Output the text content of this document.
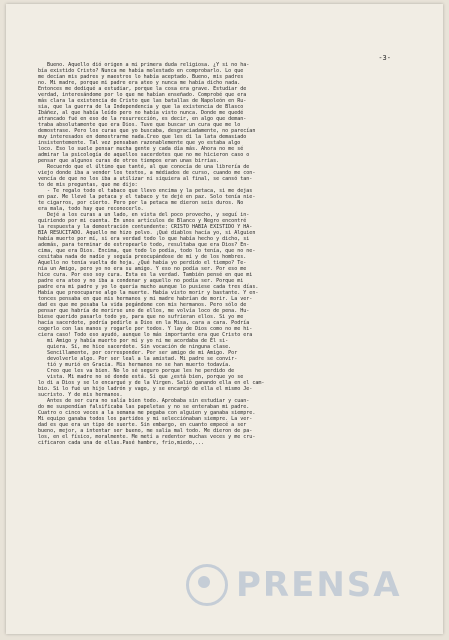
-3-
Bueno. Aquello dió origen a mi primera duda religiosa. ¿Y si no ha-
bía existido Cristo? Nunca me había molestado en comprobarlo. Lo que
me decían mis padres y maestros lo había aceptado. Bueno, mis padres
no. Mi madre, porque mi padre era ateo y nunca me había dicho nada.
Entonces me dediqué a estudiar, porque la cosa era grave. Estudiar de
verdad, interesándome por lo que me habían enseñado. Comprobé que era
más clara la existencia de Cristo que las batallas de Napoleón en Ru-
sia, que la guerra de la Independencia y que la existencia de Blasco
Ibáñez, al que había leído pero no había visto nunca. Donde me quedé
atrancado fué en eso de la resurrección, es decir, en algo que deman-
traba absolutamente que era Dios. Tuve que buscar un cura que me lo
demostrase. Pero los curas que yo buscaba, desgraciadamente, no parecían
muy interesados en demostrarme nada.Creo que les di la lata demasiado
insistentemente. Tal vez pensaban razonablemente que yo estaba algo
loco. Eso lo suele pensar mucha gente y cada día más. Ahora no me sé
admirar la psicología de aquellos sacerdotes que no me hicieron caso o
pensar que algunos curas de otros tiempos eran unas birrias.
Recuerdo que el último que tanté, al que conocía de una librería de
viejo donde iba a vender los textos, a médiados de curso, cuando me con-
vencía de que no los iba a utilizar ni siquiera al final, se cansó tan-
to de mis preguntas, que me dijo:
- Te regalo todo el tabaco que llevo encima y la petaca, si me dejas
en paz. Me llevé la petaca y el tabaco y te dejé en paz. Solo tenía nie-
te cigarros, por cierto. Pero por la petaca me dieron seis duros. No
era mala, todo hay que reconocerlo.
Dejé a los curas a un lado, en vista del poco provecho, y seguí in-
quiriendo por mi cuenta. En unos artículos de Blanco y Negro encontré
la respuesta y la demostración contundente: CRISTO HABIA EXISTIDO Y HA-
BIA RESUCITADO. Aquello me hizo polvo. ¡Qué diablos hacía yo, si Alguien
había muerto por mí, si era verdad todo lo que había hecho y dicho, si
además, para terminar de estropearlo todo, resultaba que era Dios? En-
cima, que era Dios. Encima, que todo lo podía, todo lo tenía, que no ne-
cesitaba nada de nadie y seguía preocupándose de mí y de los hombres.
Aquello no tenía vuelta de hoja. ¿Qué había yo perdido el tiempo? Te-
nía un Amigo, pero yo no era su amigo. Y eso no podía ser. Por eso me
hice cura. Por eso soy cura. Esta es la verdad. También pensé en que mi
padre era ateo y no iba a condenar y aquello no podía ser. Porque mi
padre era mi padre y yo lo quería mucho aunque lo pusiese cada tres días.
Había que preocuparse algo la muerte. Había visto morir y bastante. Y en-
tonces pensaba en que mis hermanos y mi madre habrían de morir. La ver-
dad es que me pesaba la vida pegándome con mis hermanos. Pero sólo de
pensar que habría de morirse uno de ellos, me volvía loco de pena. Hu-
biese querido pasarlo todo yo, para que no sufrieran ellos. Si yo me
hacía sacerdote, podría pedirle a Dios en la Misa, cara a cara. Podría
cogerlo con las manos y rogarle por todos. Y lay de Dios como no me hi-
ciera caso! Todo eso ayudó, aunque lo más importante era que Cristo era
mi Amigo y había muerto por mí y yo ni me acordaba de Él si-
quiera. Sí, me hice sacerdote. Sin vocación de ninguna clase.
Sencillamente, por corresponder. Por ser amigo de mi Amigo. Por
devolverle algo. Por ser leal a la amistad. Mi padre se convir-
tió y murió en Gracia. Mis hermanos no se han muerto todavía.
Creo que les va bien. No lo sé seguro porque les he perdido de
vista. Mi madre no sé donde está. Sí que ¿está bien, porque yo se
lo di a Dios y se lo encargué y de la Virgen. Salió ganando ella en el cam-
bio. Si lo fué un hijo ladrón y vago, y se encargó de ella el mismo Je-
sucristo. Y de mis hermanos.
Antes de ser cura no salía bien todo. Aprobaba sin estudiar y cuan-
do me suspendían falsificaba las papeletas y no se enteraban mi padre.
Cuatro o cinco veces a la semana me pegaba con alguien y ganaba siempre.
Mi equipo ganaba todos los partidos y mi selecciónaban siempre. La ver-
dad es que era un tipo de suerte. Sin embargo, en cuanto empecé a ser
bueno, mejor, a intentar ser bueno, me salía mal todo. Me dieron de pa-
los, en el físico, moralmente. Me metí a redentor muchas veces y me cru-
cificaron cada una de ellas.Pasé hambre, frío,miedo,...
PRENSA
